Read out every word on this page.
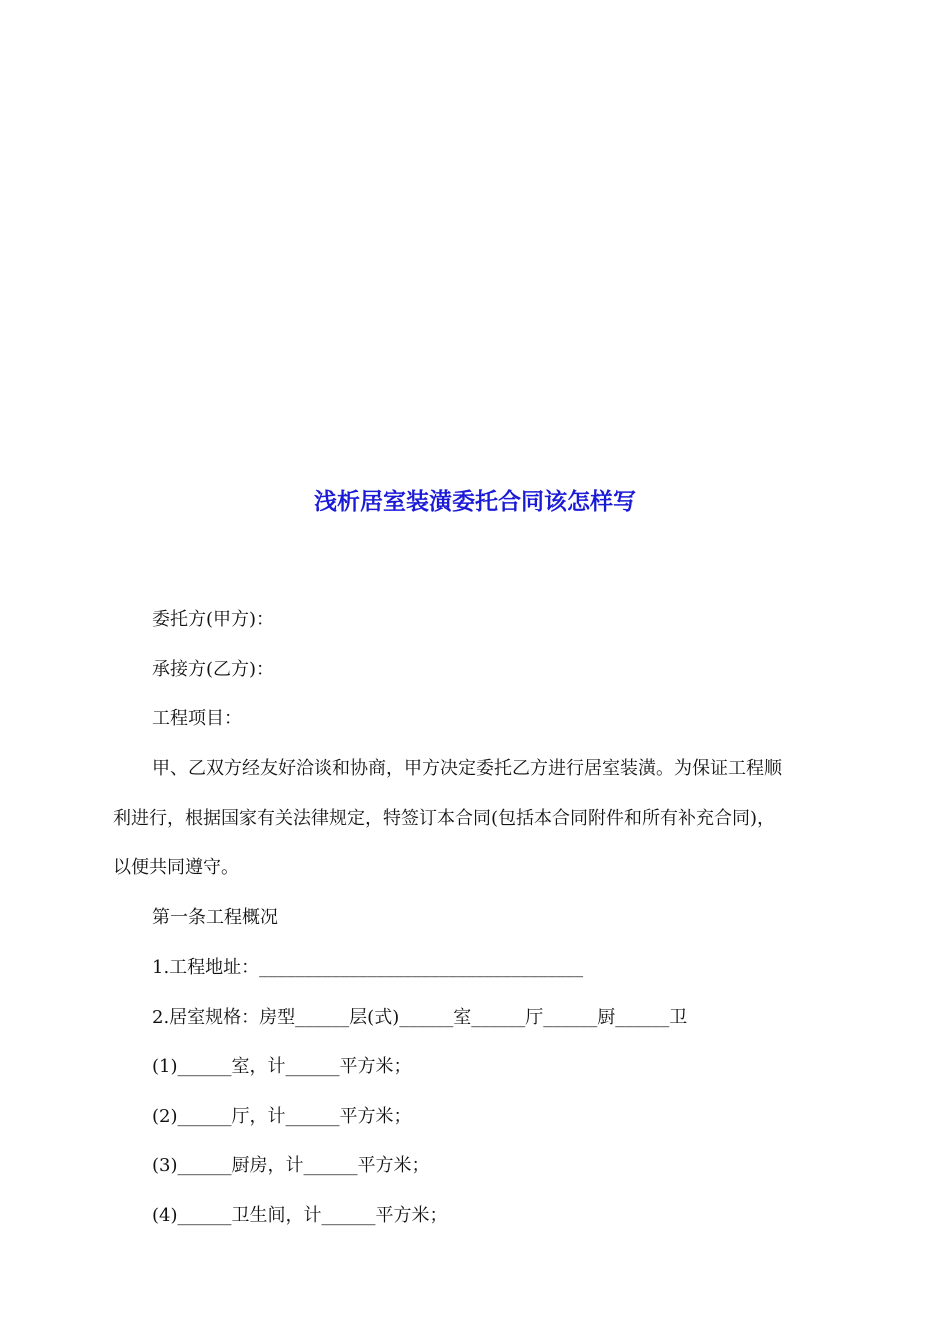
浅析居室装潢委托合同该怎样写

委托方(甲方)：

承接方(乙方)：

工程项目：

甲、乙双方经友好洽谈和协商，甲方决定委托乙方进行居室装潢。为保证工程顺

利进行，根据国家有关法律规定，特签订本合同(包括本合同附件和所有补充合同)，

以便共同遵守。

第一条工程概况

1.工程地址：____________________________________

2.居室规格：房型______层(式)______室______厅______厨______卫

(1)______室，计______平方米；

(2)______厅，计______平方米；

(3)______厨房，计______平方米；

(4)______卫生间，计______平方米；
